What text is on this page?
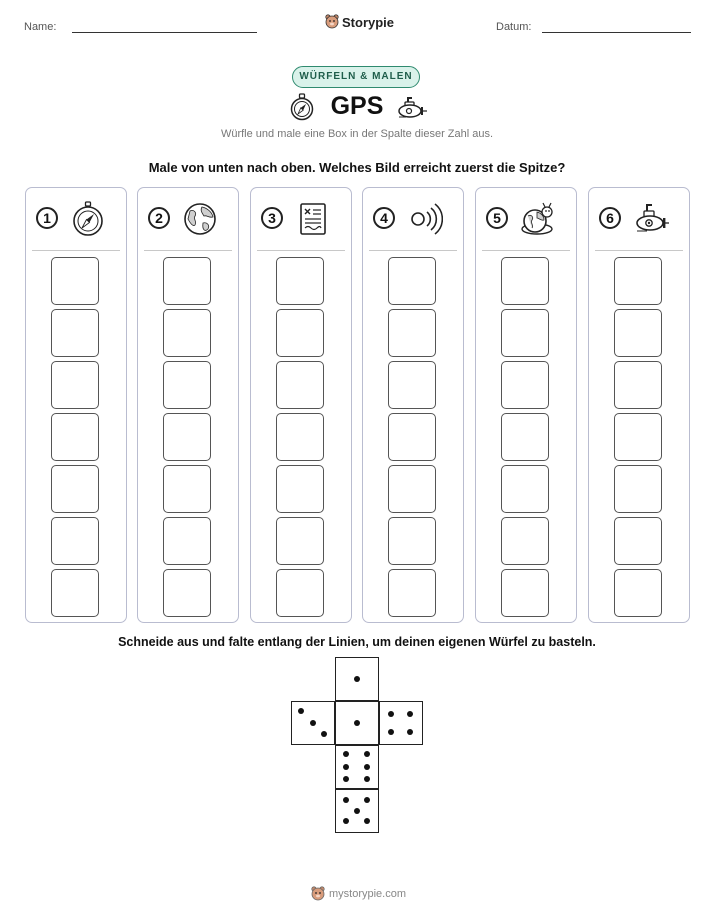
Name:	Storypie	Datum:
WÜRFELN & MALEN
GPS
Würfle und male eine Box in der Spalte dieser Zahl aus.
Male von unten nach oben. Welches Bild erreicht zuerst die Spitze?
1	2	3	4	5	6
Schneide aus und falte entlang der Linien, um deinen eigenen Würfel zu basteln.
mystorypie.com
